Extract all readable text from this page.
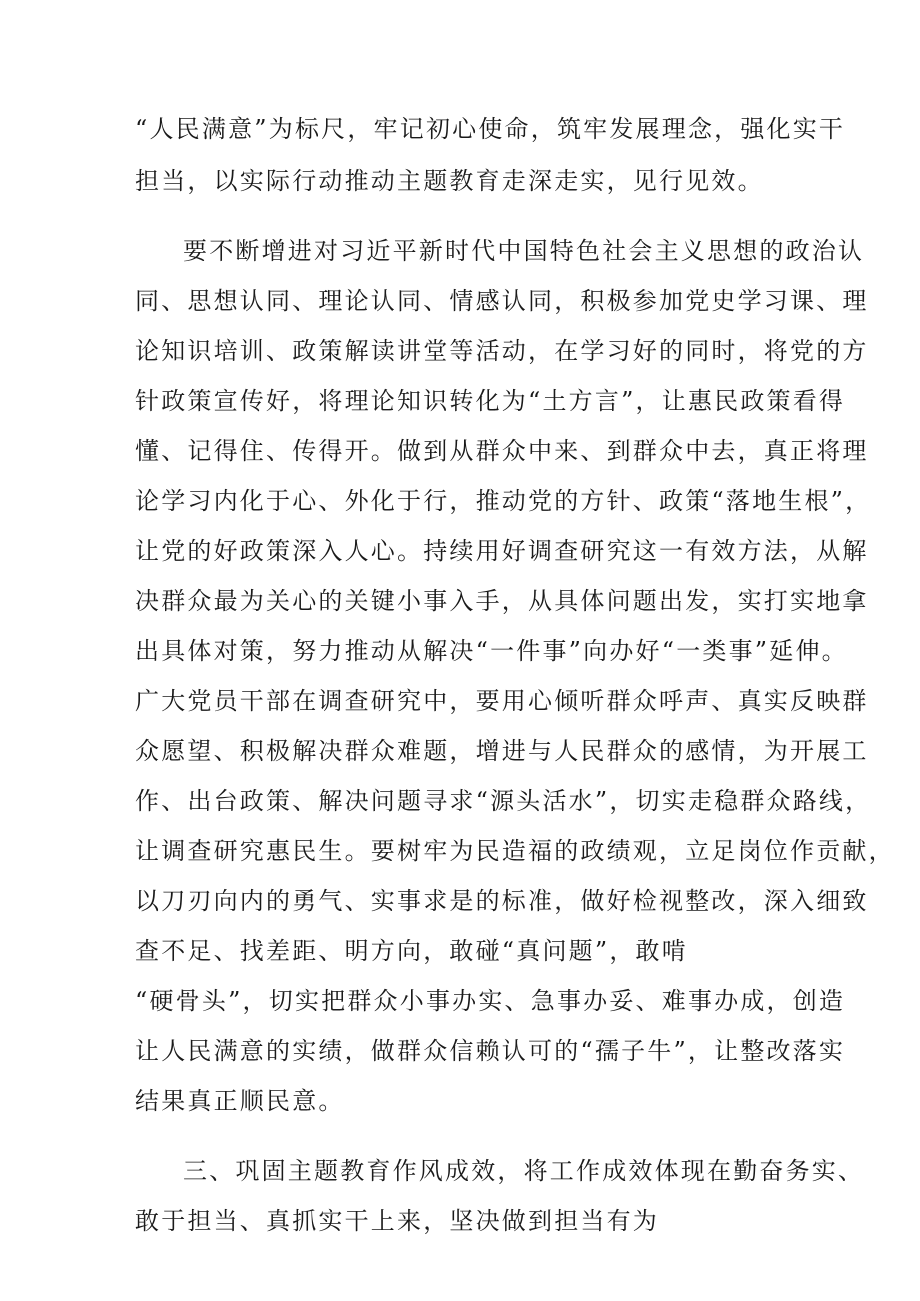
“人民满意”为标尺，牢记初心使命，筑牢发展理念，强化实干
担当，以实际行动推动主题教育走深走实，见行见效。
要不断增进对习近平新时代中国特色社会主义思想的政治认
同、思想认同、理论认同、情感认同，积极参加党史学习课、理
论知识培训、政策解读讲堂等活动，在学习好的同时，将党的方
针政策宣传好，将理论知识转化为“土方言”，让惠民政策看得
懂、记得住、传得开。做到从群众中来、到群众中去，真正将理
论学习内化于心、外化于行，推动党的方针、政策“落地生根”，
让党的好政策深入人心。持续用好调查研究这一有效方法，从解
决群众最为关心的关键小事入手，从具体问题出发，实打实地拿
出具体对策，努力推动从解决“一件事”向办好“一类事”延伸。
广大党员干部在调查研究中，要用心倾听群众呼声、真实反映群
众愿望、积极解决群众难题，增进与人民群众的感情，为开展工
作、出台政策、解决问题寻求“源头活水”，切实走稳群众路线，
让调查研究惠民生。要树牢为民造福的政绩观，立足岗位作贡献，
以刀刃向内的勇气、实事求是的标准，做好检视整改，深入细致
查不足、找差距、明方向，敢碰“真问题”，敢啃
“硬骨头”，切实把群众小事办实、急事办妥、难事办成，创造
让人民满意的实绩，做群众信赖认可的“孺子牛”，让整改落实
结果真正顺民意。
三、巩固主题教育作风成效，将工作成效体现在勤奋务实、
敢于担当、真抓实干上来，坚决做到担当有为
